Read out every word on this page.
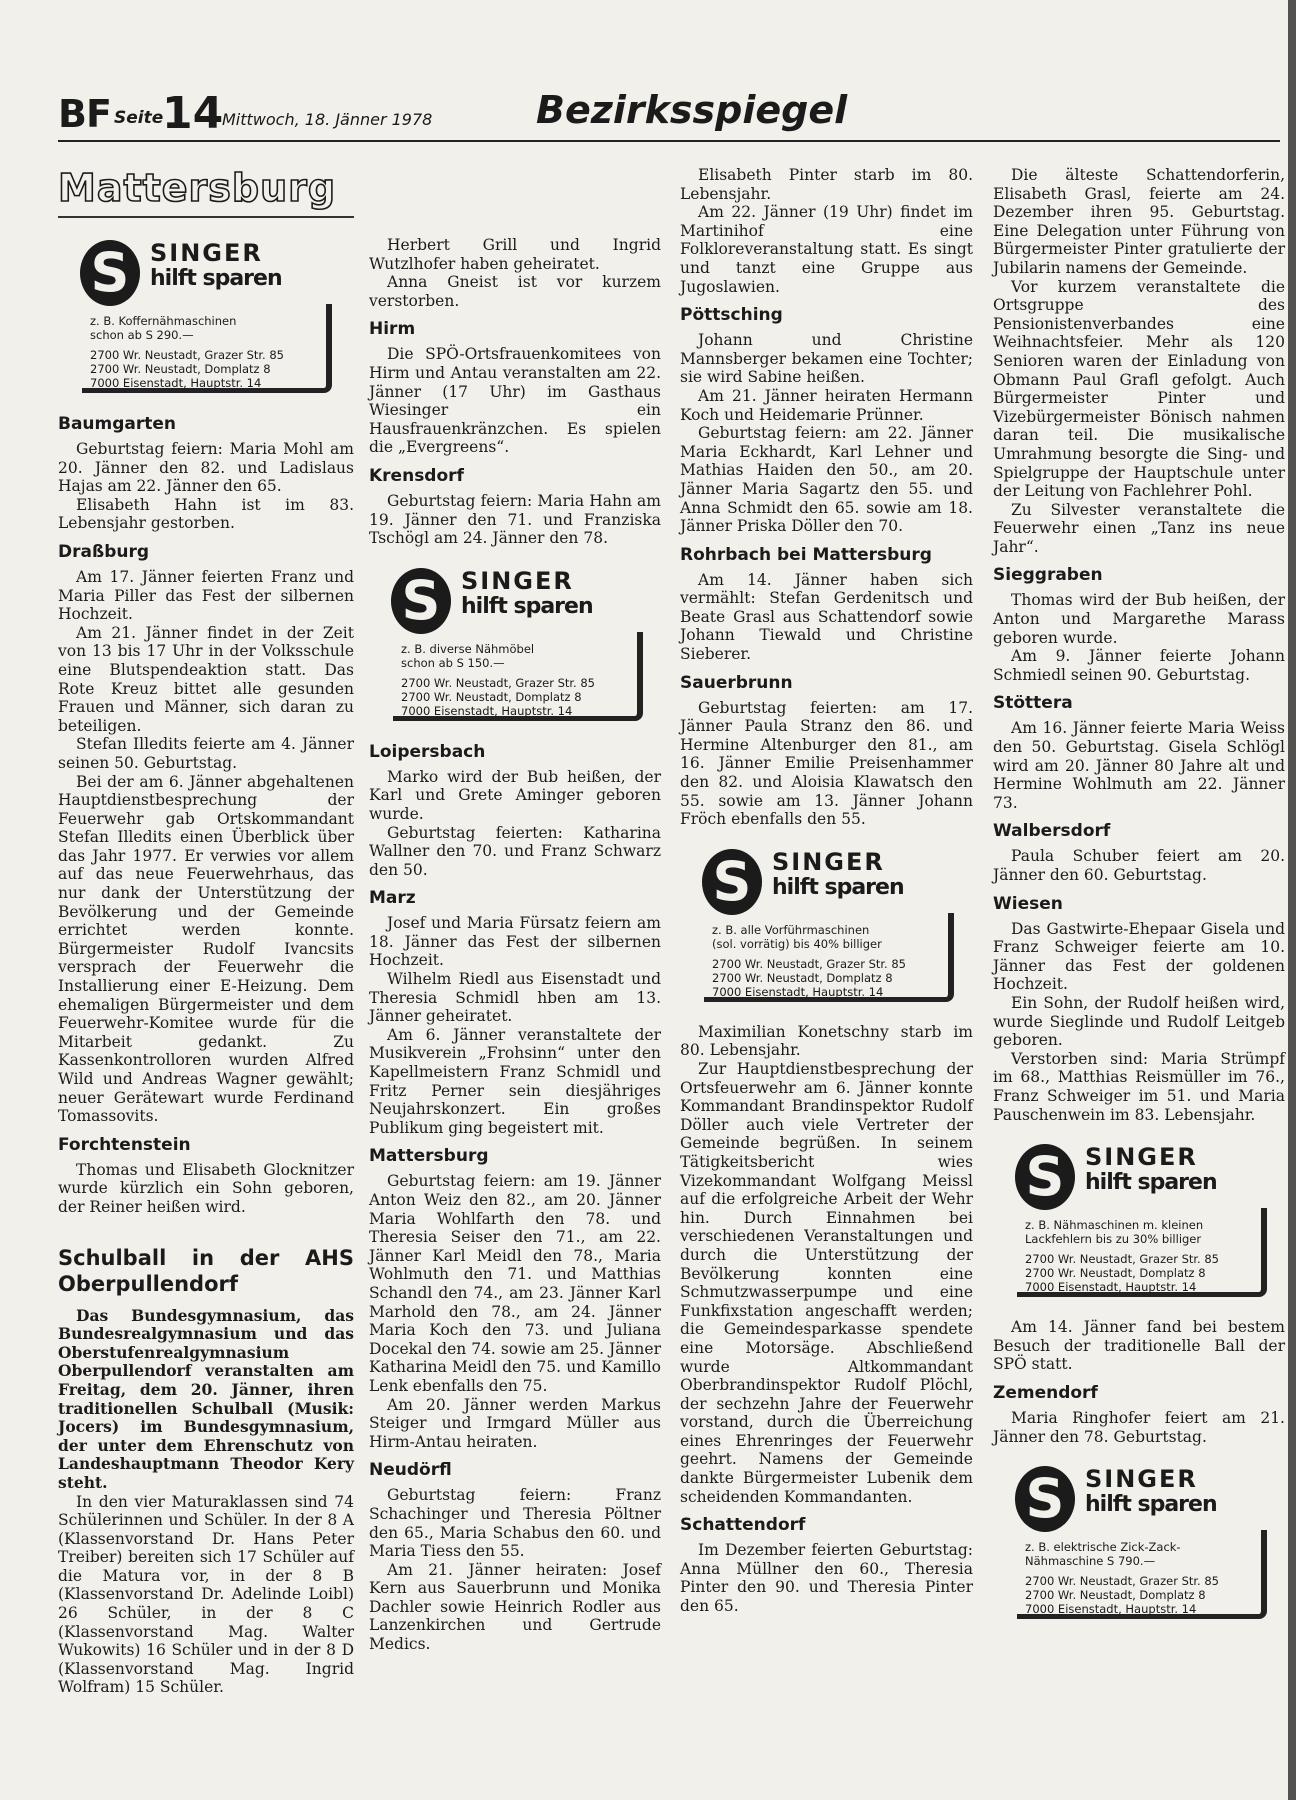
BF Seite
14
Mittwoch, 18. Jänner 1978	Bezirksspiegel
Mattersburg
S SINGER
hilft sparen
z. B. Koffernähmaschinen
schon ab S 290.—
2700 Wr. Neustadt, Grazer Str. 85
2700 Wr. Neustadt, Domplatz 8
7000 Eisenstadt, Hauptstr. 14
Baumgarten

Geburtstag feiern: Maria Mohl am 20. Jänner den 82. und Ladislaus Hajas am 22. Jänner den 65.

Elisabeth Hahn ist im 83. Lebensjahr gestorben.

Draßburg

Am 17. Jänner feierten Franz und Maria Piller das Fest der silbernen Hochzeit.

Am 21. Jänner findet in der Zeit von 13 bis 17 Uhr in der Volksschule eine Blutspendeaktion statt. Das Rote Kreuz bittet alle gesunden Frauen und Männer, sich daran zu beteiligen.

Stefan Illedits feierte am 4. Jänner seinen 50. Geburtstag.

Bei der am 6. Jänner abgehaltenen Hauptdienstbesprechung der Feuerwehr gab Ortskommandant Stefan Illedits einen Überblick über das Jahr 1977. Er verwies vor allem auf das neue Feuerwehrhaus, das nur dank der Unterstützung der Bevölkerung und der Gemeinde errichtet werden konnte. Bürgermeister Rudolf Ivancsits versprach der Feuerwehr die Installierung einer E-Heizung. Dem ehemaligen Bürgermeister und dem Feuerwehr-Komitee wurde für die Mitarbeit gedankt. Zu Kassenkontrolloren wurden Alfred Wild und Andreas Wagner gewählt; neuer Gerätewart wurde Ferdinand Tomassovits.

Forchtenstein

Thomas und Elisabeth Glocknitzer wurde kürzlich ein Sohn geboren, der Reiner heißen wird.

Schulball in der AHS Oberpullendorf

Das Bundesgymnasium, das Bundesrealgymnasium und das Oberstufenrealgymnasium Oberpullendorf veranstalten am Freitag, dem 20. Jänner, ihren traditionellen Schulball (Musik: Jocers) im Bundesgymnasium, der unter dem Ehrenschutz von Landeshauptmann Theodor Kery steht.

In den vier Maturaklassen sind 74 Schülerinnen und Schüler. In der 8 A (Klassenvorstand Dr. Hans Peter Treiber) bereiten sich 17 Schüler auf die Matura vor, in der 8 B (Klassenvorstand Dr. Adelinde Loibl) 26 Schüler, in der 8 C (Klassenvorstand Mag. Walter Wukowits) 16 Schüler und in der 8 D (Klassenvorstand Mag. Ingrid Wolfram) 15 Schüler.

Herbert Grill und Ingrid Wutzlhofer haben geheiratet.

Anna Gneist ist vor kurzem verstorben.

Hirm

Die SPÖ-Ortsfrauenkomitees von Hirm und Antau veranstalten am 22. Jänner (17 Uhr) im Gasthaus Wiesinger ein Hausfrauenkränzchen. Es spielen die „Evergreens“.

Krensdorf

Geburtstag feiern: Maria Hahn am 19. Jänner den 71. und Franziska Tschögl am 24. Jänner den 78.

S SINGER
hilft sparen
z. B. diverse Nähmöbel
schon ab S 150.—
2700 Wr. Neustadt, Grazer Str. 85
2700 Wr. Neustadt, Domplatz 8
7000 Eisenstadt, Hauptstr. 14
Loipersbach

Marko wird der Bub heißen, der Karl und Grete Aminger geboren wurde.

Geburtstag feierten: Katharina Wallner den 70. und Franz Schwarz den 50.

Marz

Josef und Maria Fürsatz feiern am 18. Jänner das Fest der silbernen Hochzeit.

Wilhelm Riedl aus Eisenstadt und Theresia Schmidl hben am 13. Jänner geheiratet.

Am 6. Jänner veranstaltete der Musikverein „Frohsinn“ unter den Kapellmeistern Franz Schmidl und Fritz Perner sein diesjähriges Neujahrskonzert. Ein großes Publikum ging begeistert mit.

Mattersburg

Geburtstag feiern: am 19. Jänner Anton Weiz den 82., am 20. Jänner Maria Wohlfarth den 78. und Theresia Seiser den 71., am 22. Jänner Karl Meidl den 78., Maria Wohlmuth den 71. und Matthias Schandl den 74., am 23. Jänner Karl Marhold den 78., am 24. Jänner Maria Koch den 73. und Juliana Docekal den 74. sowie am 25. Jänner Katharina Meidl den 75. und Kamillo Lenk ebenfalls den 75.

Am 20. Jänner werden Markus Steiger und Irmgard Müller aus Hirm-Antau heiraten.

Neudörfl

Geburtstag feiern: Franz Schachinger und Theresia Pöltner den 65., Maria Schabus den 60. und Maria Tiess den 55.

Am 21. Jänner heiraten: Josef Kern aus Sauerbrunn und Monika Dachler sowie Heinrich Rodler aus Lanzenkirchen und Gertrude Medics.

Elisabeth Pinter starb im 80. Lebensjahr.

Am 22. Jänner (19 Uhr) findet im Martinihof eine Folkloreveranstaltung statt. Es singt und tanzt eine Gruppe aus Jugoslawien.

Pöttsching

Johann und Christine Mannsberger bekamen eine Tochter; sie wird Sabine heißen.

Am 21. Jänner heiraten Hermann Koch und Heidemarie Prünner.

Geburtstag feiern: am 22. Jänner Maria Eckhardt, Karl Lehner und Mathias Haiden den 50., am 20. Jänner Maria Sagartz den 55. und Anna Schmidt den 65. sowie am 18. Jänner Priska Döller den 70.

Rohrbach bei Mattersburg

Am 14. Jänner haben sich vermählt: Stefan Gerdenitsch und Beate Grasl aus Schattendorf sowie Johann Tiewald und Christine Sieberer.

Sauerbrunn

Geburtstag feierten: am 17. Jänner Paula Stranz den 86. und Hermine Altenburger den 81., am 16. Jänner Emilie Preisenhammer den 82. und Aloisia Klawatsch den 55. sowie am 13. Jänner Johann Fröch ebenfalls den 55.

S SINGER
hilft sparen
z. B. alle Vorführmaschinen
(sol. vorrätig) bis 40% billiger
2700 Wr. Neustadt, Grazer Str. 85
2700 Wr. Neustadt, Domplatz 8
7000 Eisenstadt, Hauptstr. 14

Maximilian Konetschny starb im 80. Lebensjahr.

Zur Hauptdienstbesprechung der Ortsfeuerwehr am 6. Jänner konnte Kommandant Brandinspektor Rudolf Döller auch viele Vertreter der Gemeinde begrüßen. In seinem Tätigkeitsbericht wies Vizekommandant Wolfgang Meissl auf die erfolgreiche Arbeit der Wehr hin. Durch Einnahmen bei verschiedenen Veranstaltungen und durch die Unterstützung der Bevölkerung konnten eine Schmutzwasserpumpe und eine Funkfixstation angeschafft werden; die Gemeindesparkasse spendete eine Motorsäge. Abschließend wurde Altkommandant Oberbrandinspektor Rudolf Plöchl, der sechzehn Jahre der Feuerwehr vorstand, durch die Überreichung eines Ehrenringes der Feuerwehr geehrt. Namens der Gemeinde dankte Bürgermeister Lubenik dem scheidenden Kommandanten.

Schattendorf

Im Dezember feierten Geburtstag: Anna Müllner den 60., Theresia Pinter den 90. und Theresia Pinter den 65.

Die älteste Schattendorferin, Elisabeth Grasl, feierte am 24. Dezember ihren 95. Geburtstag. Eine Delegation unter Führung von Bürgermeister Pinter gratulierte der Jubilarin namens der Gemeinde.

Vor kurzem veranstaltete die Ortsgruppe des Pensionistenverbandes eine Weihnachtsfeier. Mehr als 120 Senioren waren der Einladung von Obmann Paul Grafl gefolgt. Auch Bürgermeister Pinter und Vizebürgermeister Bönisch nahmen daran teil. Die musikalische Umrahmung besorgte die Sing- und Spielgruppe der Hauptschule unter der Leitung von Fachlehrer Pohl.

Zu Silvester veranstaltete die Feuerwehr einen „Tanz ins neue Jahr“.

Sieggraben

Thomas wird der Bub heißen, der Anton und Margarethe Marass geboren wurde.

Am 9. Jänner feierte Johann Schmiedl seinen 90. Geburtstag.

Stöttera

Am 16. Jänner feierte Maria Weiss den 50. Geburtstag. Gisela Schlögl wird am 20. Jänner 80 Jahre alt und Hermine Wohlmuth am 22. Jänner 73.

Walbersdorf

Paula Schuber feiert am 20. Jänner den 60. Geburtstag.

Wiesen

Das Gastwirte-Ehepaar Gisela und Franz Schweiger feierte am 10. Jänner das Fest der goldenen Hochzeit.

Ein Sohn, der Rudolf heißen wird, wurde Sieglinde und Rudolf Leitgeb geboren.

Verstorben sind: Maria Strümpf im 68., Matthias Reismüller im 76., Franz Schweiger im 51. und Maria Pauschenwein im 83. Lebensjahr.

S SINGER
hilft sparen
z. B. Nähmaschinen m. kleinen
Lackfehlern bis zu 30% billiger
2700 Wr. Neustadt, Grazer Str. 85
2700 Wr. Neustadt, Domplatz 8
7000 Eisenstadt, Hauptstr. 14

Am 14. Jänner fand bei bestem Besuch der traditionelle Ball der SPÖ statt.

Zemendorf

Maria Ringhofer feiert am 21. Jänner den 78. Geburtstag.

S SINGER
hilft sparen
z. B. elektrische Zick-Zack-
Nähmaschine S 790.—
2700 Wr. Neustadt, Grazer Str. 85
2700 Wr. Neustadt, Domplatz 8
7000 Eisenstadt, Hauptstr. 14
